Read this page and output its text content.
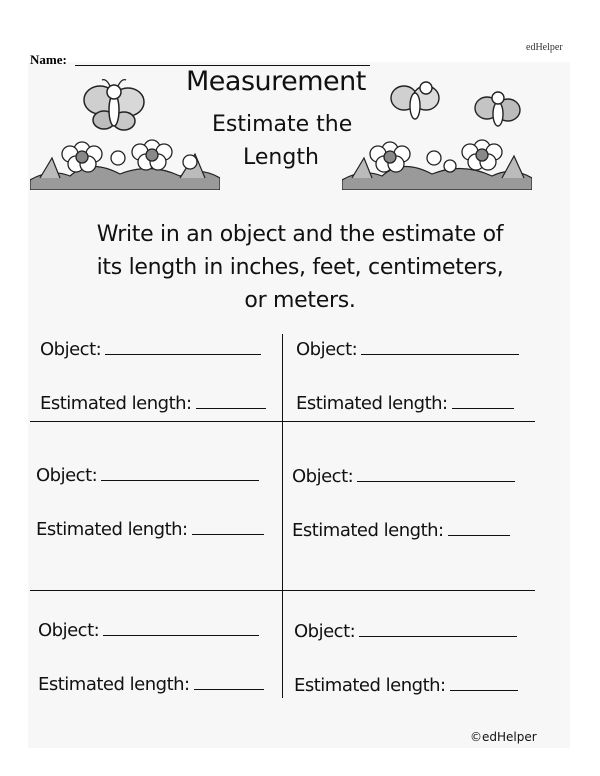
Name:
edHelper
Measurement
Estimate the
Length
Write in an object and the estimate of
its length in inches, feet, centimeters,
or meters.
Object:
Estimated length:
Object:
Estimated length:
Object:
Estimated length:
Object:
Estimated length:
Object:
Estimated length:
Object:
Estimated length:
©edHelper
